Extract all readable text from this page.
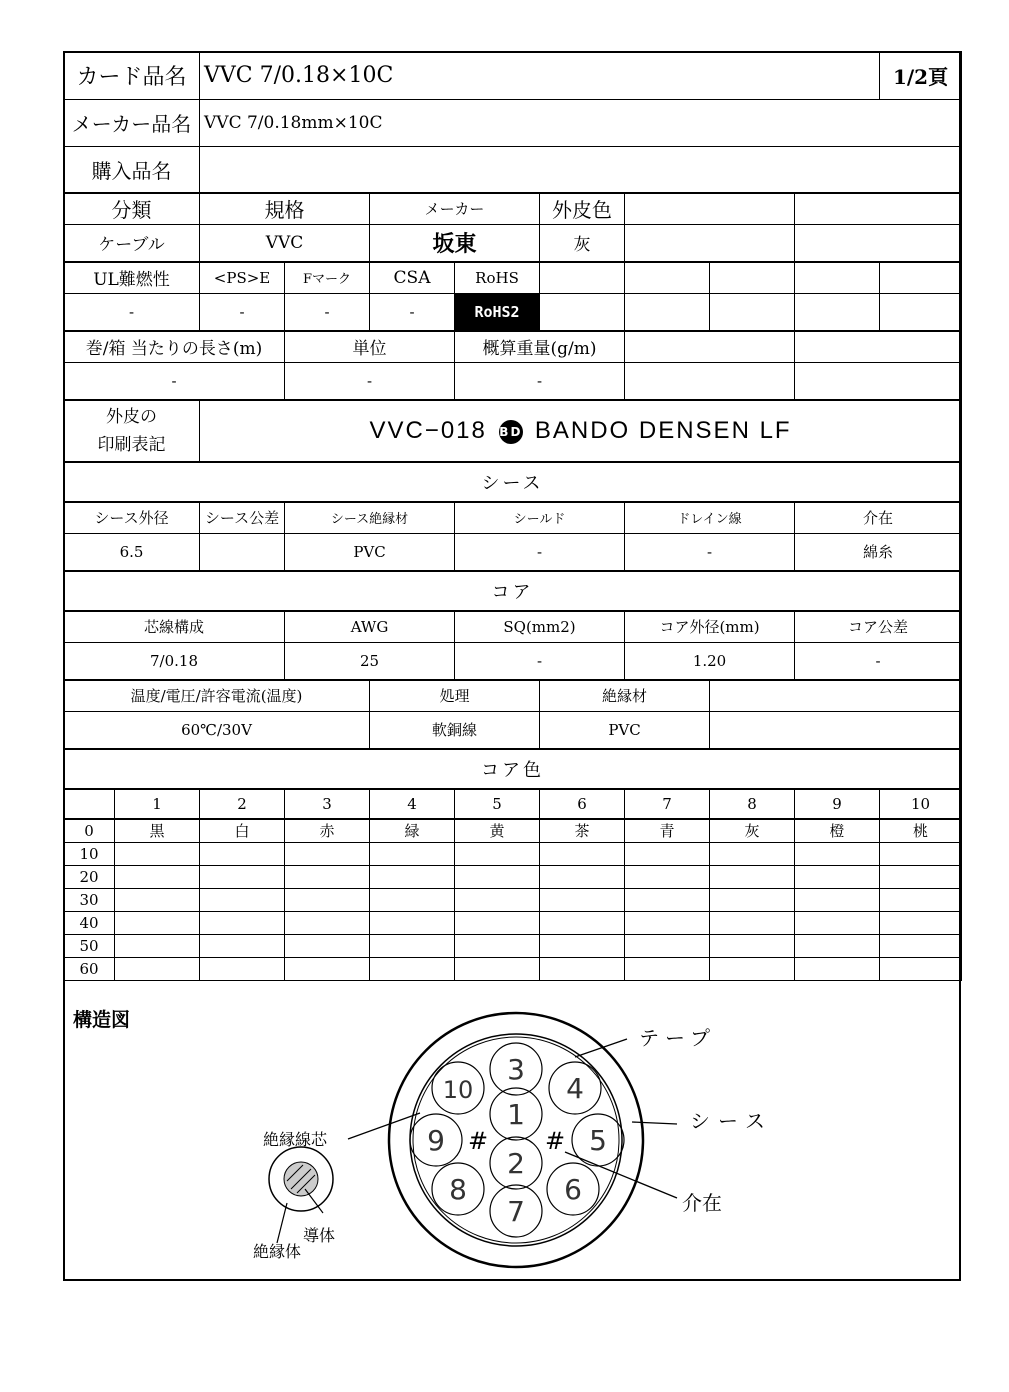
カード品名		VVC 7/0.18×10C								1/2頁
メーカー品名		VVC 7/0.18mm×10C								
購入品名										
分類		規格		メーカー		外皮色				
ケーブル		VVC		坂東		灰				
UL難燃性		<PS>E	Fマーク	CSA	RoHS					
-		-	-	-	RoHS2					
巻/箱 当たりの長さ(m)			単位		概算重量(g/m)					
-			-		-					

外皮の
印刷表記		VVC−018 BD BANDO DENSEN LF								
シース										
シース外径		シース公差	シース絶縁材		シールド		ドレイン線		介在	
6.5			PVC		-		-		綿糸	
コア										
芯線構成			AWG		SQ(mm2)		コア外径(mm)		コア公差	
7/0.18			25		-		1.20		-	
温度/電圧/許容電流(温度)				処理		絶縁材				
60℃/30V				軟銅線		PVC				
コア色										
	1	2	3	4	5	6	7	8	9	10
0	黒	白	赤	緑	黄	茶	青	灰	橙	桃
10										
20										
30										
40										
50										
60										
構造図
1
2
3
4
5
6
7
8
9
10
# #
テープ
シース
介在
絶縁線芯
導体
絶縁体
